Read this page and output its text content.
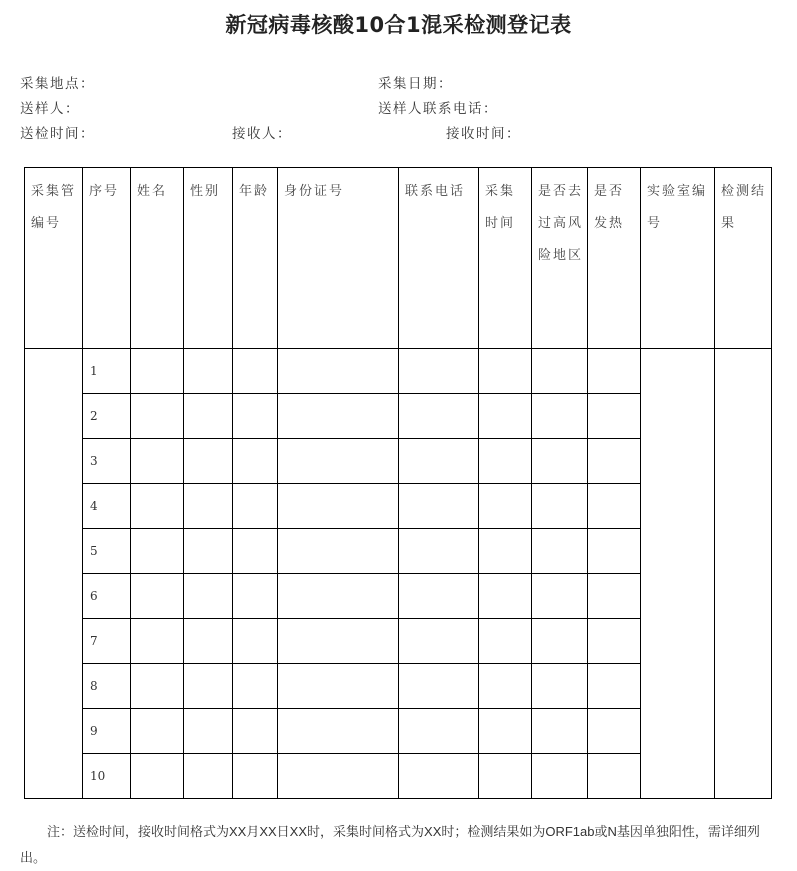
新冠病毒核酸10合1混采检测登记表
采集地点：	采集日期：
送样人：	送样人联系电话：
送检时间：	接收人：	接收时间：
采集管编号	序号	姓名	性别	年龄	身份证号	联系电话	采集时间	是否去过高风险地区	是否发热	实验室编号	检测结果
	1										
	2										
	3										
	4										
	5										
	6										
	7										
	8										
	9										
	10										
注：送检时间，接收时间格式为XX月XX日XX时，采集时间格式为XX时；检测结果如为ORF1ab或N基因单独阳性，需详细列出。
